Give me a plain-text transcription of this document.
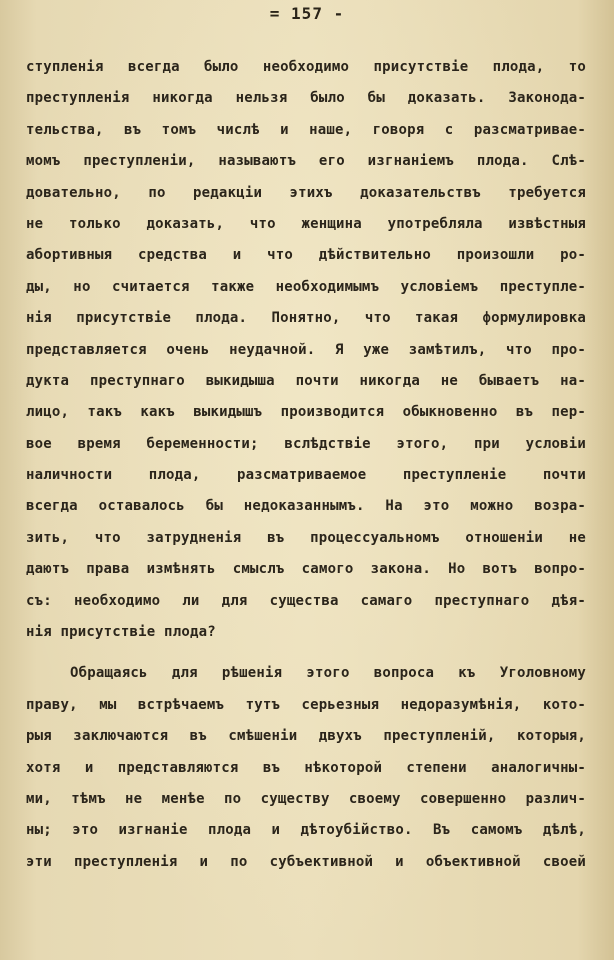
= 157 -
ступленія всегда было необходимо присутствіе плода, то
преступленія никогда нельзя было бы доказать. Законода-
тельства, въ томъ числѣ и наше, говоря с разсматривае-
момъ преступленіи, называютъ его изгнаніемъ плода. Слѣ-
довательно, по редакціи этихъ доказательствъ требуется
не только доказать, что женщина употребляла извѣстныя
абортивныя средства и что дѣйствительно произошли ро-
ды, но считается также необходимымъ условіемъ преступле-
нія присутствіе плода. Понятно, что такая формулировка
представляется очень неудачной. Я уже замѣтилъ, что про-
дукта преступнаго выкидыша почти никогда не бываетъ на-
лицо, такъ какъ выкидышъ производится обыкновенно въ пер-
вое время беременности; вслѣдствіе этого, при условіи
наличности плода, разсматриваемое преступленіе почти
всегда оставалось бы недоказаннымъ. На это можно возра-
зить, что затрудненія въ процессуальномъ отношеніи не
даютъ права измѣнять смыслъ самого закона. Но вотъ вопро-
съ: необходимо ли для существа самаго преступнаго дѣя-
нія присутствіе плода?
Обращаясь для рѣшенія этого вопроса къ Уголовному
праву, мы встрѣчаемъ тутъ серьезныя недоразумѣнія, кото-
рыя заключаются въ смѣшеніи двухъ преступленій, которыя,
хотя и представляются въ нѣкоторой степени аналогичны-
ми, тѣмъ не менѣе по существу своему совершенно различ-
ны; это изгнаніе плода и дѣтоубійство. Въ самомъ дѣлѣ,
эти преступленія и по субъективной и объективной своей
